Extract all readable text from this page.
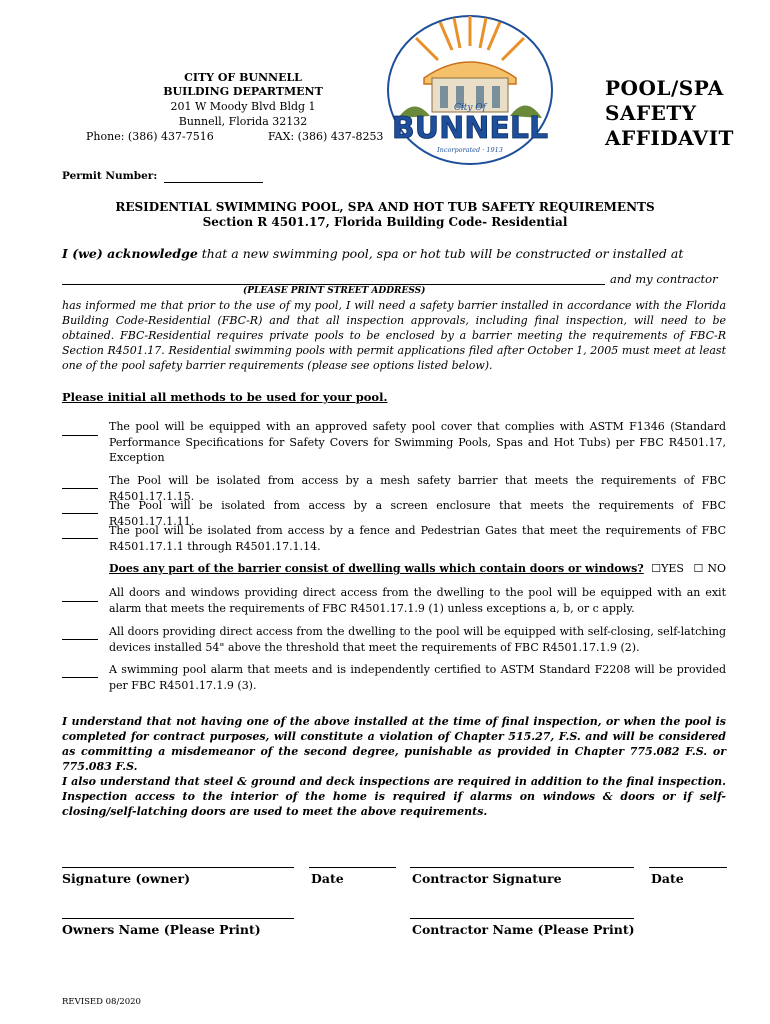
CITY OF BUNNELL
BUILDING DEPARTMENT
201 W Moody Blvd Bldg 1
Bunnell, Florida 32132
Phone: (386) 437-7516	FAX: (386) 437-8253
City Of
BUNNELL
Incorporated · 1913
POOL/SPA
SAFETY
AFFIDAVIT
Permit Number:
RESIDENTIAL SWIMMING POOL, SPA AND HOT TUB SAFETY REQUIREMENTS
Section R 4501.17, Florida Building Code- Residential
I (we) acknowledge that a new swimming pool, spa or hot tub will be constructed or installed at
and my contractor
(PLEASE PRINT STREET ADDRESS)
has informed me that prior to the use of my pool, I will need a safety barrier installed in accordance with the Florida Building Code-Residential (FBC-R) and that all inspection approvals, including final inspection, will need to be obtained. FBC-Residential requires private pools to be enclosed by a barrier meeting the requirements of FBC-R Section R4501.17. Residential swimming pools with permit applications filed after October 1, 2005 must meet at least one of the pool safety barrier requirements (please see options listed below).
Please initial all methods to be used for your pool.
The pool will be equipped with an approved safety pool cover that complies with ASTM F1346 (Standard Performance Specifications for Safety Covers for Swimming Pools, Spas and Hot Tubs) per FBC R4501.17, Exception
The Pool will be isolated from access by a mesh safety barrier that meets the requirements of FBC R4501.17.1.15.
The Pool will be isolated from access by a screen enclosure that meets the requirements of FBC R4501.17.1.11.
The pool will be isolated from access by a fence and Pedestrian Gates that meet the requirements of FBC R4501.17.1.1 through R4501.17.1.14.
Does any part of the barrier consist of dwelling walls which contain doors or windows? ☐YES ☐ NO
All doors and windows providing direct access from the dwelling to the pool will be equipped with an exit alarm that meets the requirements of FBC R4501.17.1.9 (1) unless exceptions a, b, or c apply.
All doors providing direct access from the dwelling to the pool will be equipped with self-closing, self-latching devices installed 54" above the threshold that meet the requirements of FBC R4501.17.1.9 (2).
A swimming pool alarm that meets and is independently certified to ASTM Standard F2208 will be provided per FBC R4501.17.1.9 (3).
I understand that not having one of the above installed at the time of final inspection, or when the pool is completed for contract purposes, will constitute a violation of Chapter 515.27, F.S. and will be considered as committing a misdemeanor of the second degree, punishable as provided in Chapter 775.082 F.S. or 775.083 F.S.
I also understand that steel & ground and deck inspections are required in addition to the final inspection. Inspection access to the interior of the home is required if alarms on windows & doors or if self-closing/self-latching doors are used to meet the above requirements.
Signature (owner)	Date	Contractor Signature	Date
Owners Name (Please Print)	Contractor Name (Please Print)
REVISED 08/2020
